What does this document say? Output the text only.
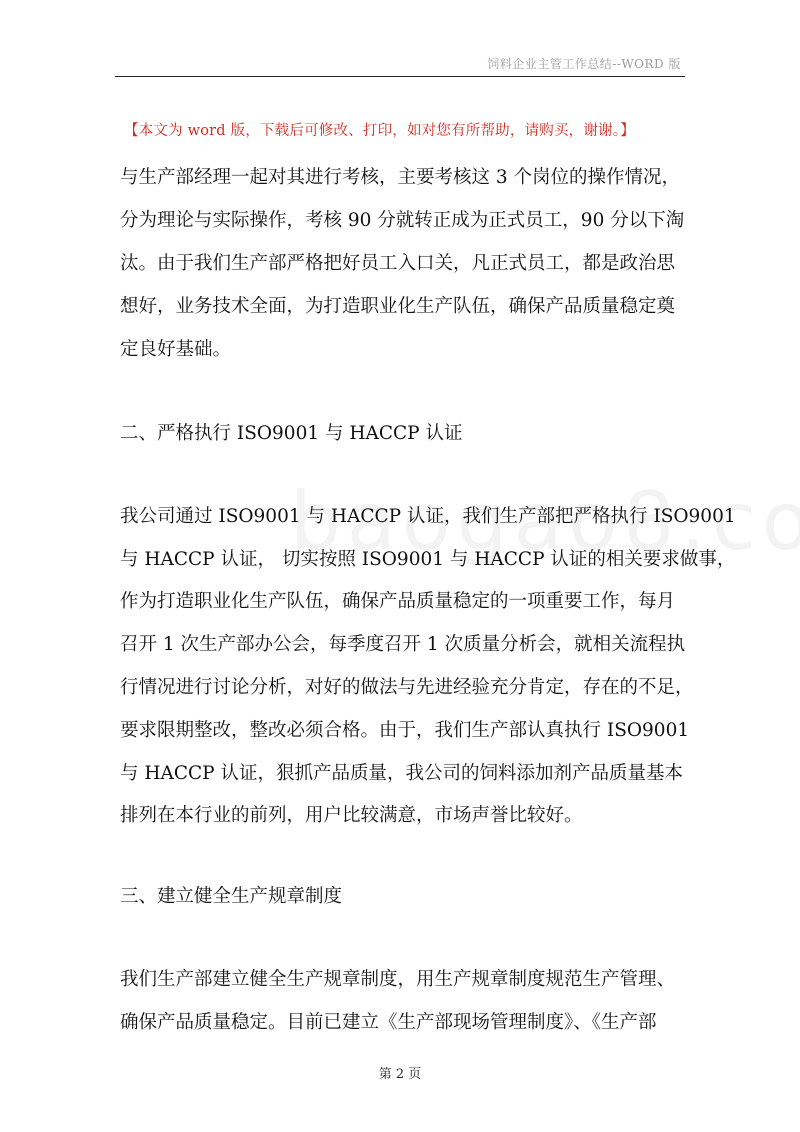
饲料企业主管工作总结--WORD 版
【本文为 word 版，下载后可修改、打印，如对您有所帮助，请购买，谢谢。】
与生产部经理一起对其进行考核，主要考核这 3 个岗位的操作情况，
分为理论与实际操作，考核 90 分就转正成为正式员工，90 分以下淘
汰。由于我们生产部严格把好员工入口关，凡正式员工，都是政治思
想好，业务技术全面，为打造职业化生产队伍，确保产品质量稳定奠
定良好基础。
二、严格执行 ISO9001 与 HACCP 认证
我公司通过 ISO9001 与 HACCP 认证，我们生产部把严格执行 ISO9001
与 HACCP 认证， 切实按照 ISO9001 与 HACCP 认证的相关要求做事，
作为打造职业化生产队伍，确保产品质量稳定的一项重要工作，每月
召开 1 次生产部办公会，每季度召开 1 次质量分析会，就相关流程执
行情况进行讨论分析，对好的做法与先进经验充分肯定，存在的不足，
要求限期整改，整改必须合格。由于，我们生产部认真执行 ISO9001
与 HACCP 认证，狠抓产品质量，我公司的饲料添加剂产品质量基本
排列在本行业的前列，用户比较满意，市场声誉比较好。
三、建立健全生产规章制度
我们生产部建立健全生产规章制度，用生产规章制度规范生产管理、
确保产品质量稳定。目前已建立《生产部现场管理制度》、《生产部
第 2 页
